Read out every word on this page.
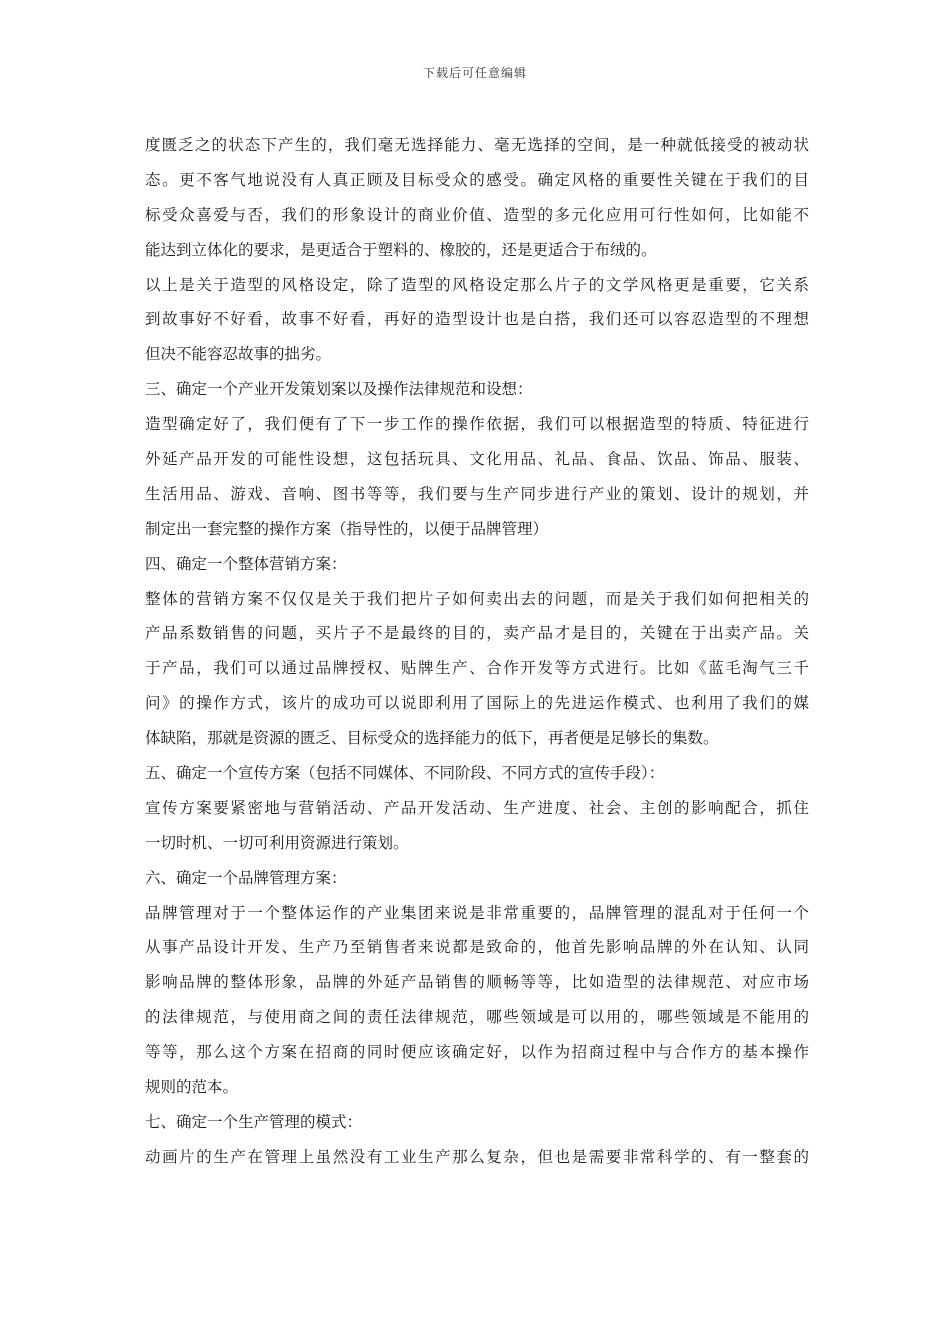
下载后可任意编辑
度匮乏之的状态下产生的，我们毫无选择能力、毫无选择的空间，是一种就低接受的被动状
态。更不客气地说没有人真正顾及目标受众的感受。确定风格的重要性关键在于我们的目
标受众喜爱与否，我们的形象设计的商业价值、造型的多元化应用可行性如何，比如能不
能达到立体化的要求，是更适合于塑料的、橡胶的，还是更适合于布绒的。
以上是关于造型的风格设定，除了造型的风格设定那么片子的文学风格更是重要，它关系
到故事好不好看，故事不好看，再好的造型设计也是白搭，我们还可以容忍造型的不理想
但决不能容忍故事的拙劣。
三、确定一个产业开发策划案以及操作法律规范和设想：
造型确定好了，我们便有了下一步工作的操作依据，我们可以根据造型的特质、特征进行
外延产品开发的可能性设想，这包括玩具、文化用品、礼品、食品、饮品、饰品、服装、
生活用品、游戏、音响、图书等等，我们要与生产同步进行产业的策划、设计的规划，并
制定出一套完整的操作方案（指导性的，以便于品牌管理）
四、确定一个整体营销方案：
整体的营销方案不仅仅是关于我们把片子如何卖出去的问题，而是关于我们如何把相关的
产品系数销售的问题，买片子不是最终的目的，卖产品才是目的，关键在于出卖产品。关
于产品，我们可以通过品牌授权、贴牌生产、合作开发等方式进行。比如《蓝毛淘气三千
问》的操作方式，该片的成功可以说即利用了国际上的先进运作模式、也利用了我们的媒
体缺陷，那就是资源的匮乏、目标受众的选择能力的低下，再者便是足够长的集数。
五、确定一个宣传方案（包括不同媒体、不同阶段、不同方式的宣传手段）：
宣传方案要紧密地与营销活动、产品开发活动、生产进度、社会、主创的影响配合，抓住
一切时机、一切可利用资源进行策划。
六、确定一个品牌管理方案：
品牌管理对于一个整体运作的产业集团来说是非常重要的，品牌管理的混乱对于任何一个
从事产品设计开发、生产乃至销售者来说都是致命的，他首先影响品牌的外在认知、认同
影响品牌的整体形象，品牌的外延产品销售的顺畅等等，比如造型的法律规范、对应市场
的法律规范，与使用商之间的责任法律规范，哪些领域是可以用的，哪些领域是不能用的
等等，那么这个方案在招商的同时便应该确定好，以作为招商过程中与合作方的基本操作
规则的范本。
七、确定一个生产管理的模式：
动画片的生产在管理上虽然没有工业生产那么复杂，但也是需要非常科学的、有一整套的
